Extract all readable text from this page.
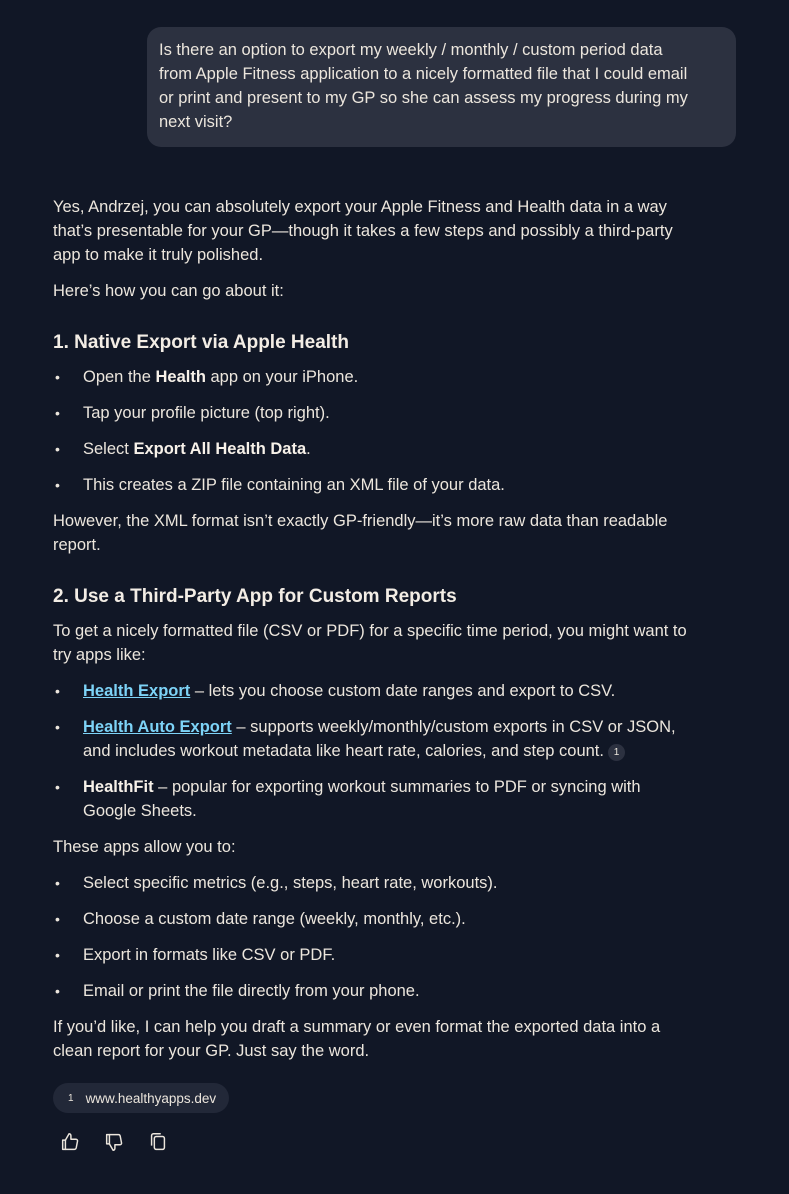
Is there an option to export my weekly / monthly / custom period data
from Apple Fitness application to a nicely formatted file that I could email
or print and present to my GP so she can assess my progress during my
next visit?
Yes, Andrzej, you can absolutely export your Apple Fitness and Health data in a way
that’s presentable for your GP—though it takes a few steps and possibly a third-party
app to make it truly polished.
Here’s how you can go about it:
1. Native Export via Apple Health
• Open the Health app on your iPhone.
• Tap your profile picture (top right).
• Select Export All Health Data.
• This creates a ZIP file containing an XML file of your data.
However, the XML format isn’t exactly GP-friendly—it’s more raw data than readable
report.
2. Use a Third-Party App for Custom Reports
To get a nicely formatted file (CSV or PDF) for a specific time period, you might want to
try apps like:
• Health Export – lets you choose custom date ranges and export to CSV.
• Health Auto Export – supports weekly/monthly/custom exports in CSV or JSON,
and includes workout metadata like heart rate, calories, and step count. 1
• HealthFit – popular for exporting workout summaries to PDF or syncing with
Google Sheets.
These apps allow you to:
• Select specific metrics (e.g., steps, heart rate, workouts).
• Choose a custom date range (weekly, monthly, etc.).
• Export in formats like CSV or PDF.
• Email or print the file directly from your phone.
If you’d like, I can help you draft a summary or even format the exported data into a
clean report for your GP. Just say the word.
1 www.healthyapps.dev
